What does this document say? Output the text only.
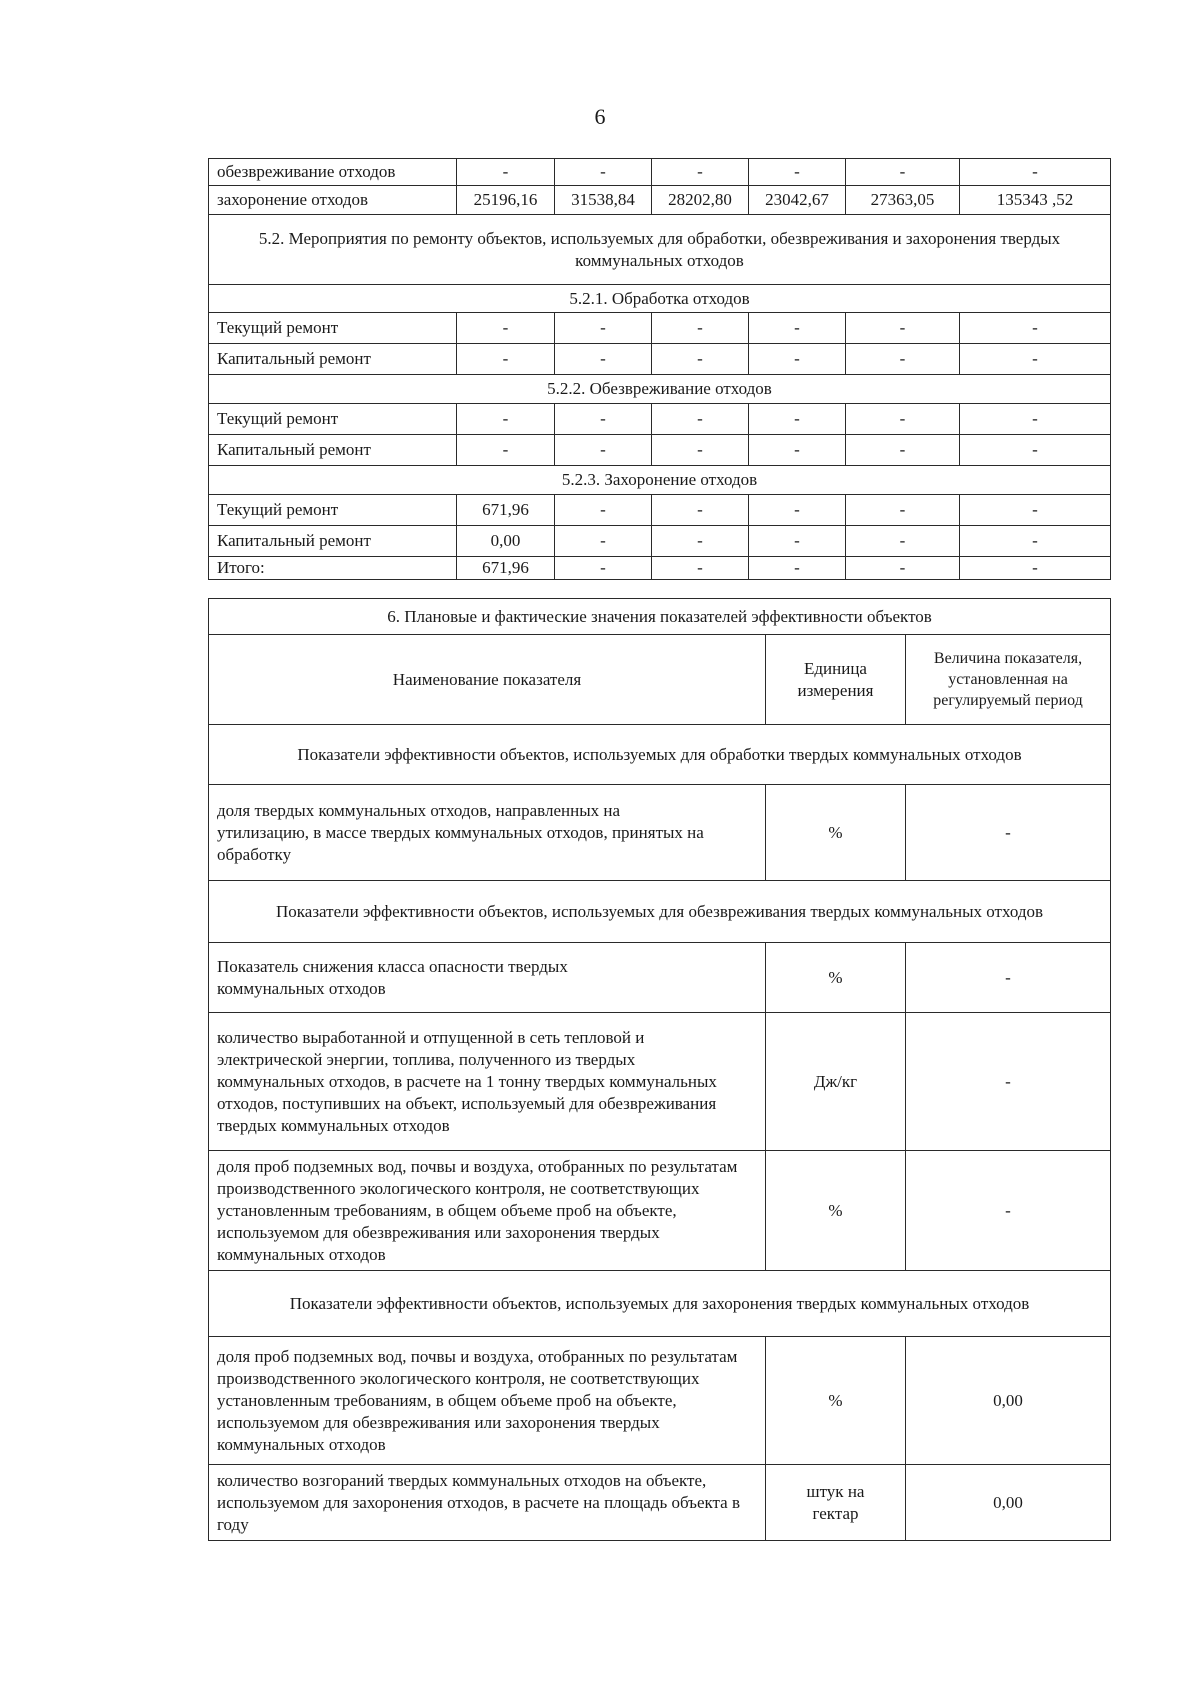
6
обезвреживание отходов	-	-	-	-	-	-
захоронение отходов	25196,16	31538,84	28202,80	23042,67	27363,05	135343 ,52
5.2. Мероприятия по ремонту объектов, используемых для обработки, обезвреживания и захоронения твердых коммунальных отходов						
5.2.1. Обработка отходов						
Текущий ремонт	-	-	-	-	-	-
Капитальный ремонт	-	-	-	-	-	-
5.2.2. Обезвреживание отходов						
Текущий ремонт	-	-	-	-	-	-
Капитальный ремонт	-	-	-	-	-	-
5.2.3. Захоронение отходов						
Текущий ремонт	671,96	-	-	-	-	-
Капитальный ремонт	0,00	-	-	-	-	-
Итого:	671,96	-	-	-	-	-
6. Плановые и фактические значения показателей эффективности объектов		
Наименование показателя	Единица измерения	Величина показателя, установленная на регулируемый период
Показатели эффективности объектов, используемых для обработки твердых коммунальных отходов		
доля твердых коммунальных отходов, направленных на утилизацию, в массе твердых коммунальных отходов, принятых на обработку	%	-
Показатели эффективности объектов, используемых для обезвреживания твердых коммунальных отходов		
Показатель снижения класса опасности твердых коммунальных отходов	%	-
количество выработанной и отпущенной в сеть тепловой и электрической энергии, топлива, полученного из твердых коммунальных отходов, в расчете на 1 тонну твердых коммунальных отходов, поступивших на объект, используемый для обезвреживания твердых коммунальных отходов	Дж/кг	-
доля проб подземных вод, почвы и воздуха, отобранных по результатам производственного экологического контроля, не соответствующих установленным требованиям, в общем объеме проб на объекте, используемом для обезвреживания или захоронения твердых коммунальных отходов	%	-
Показатели эффективности объектов, используемых для захоронения твердых коммунальных отходов		
доля проб подземных вод, почвы и воздуха, отобранных по результатам производственного экологического контроля, не соответствующих установленным требованиям, в общем объеме проб на объекте, используемом для обезвреживания или захоронения твердых коммунальных отходов	%	0,00
количество возгораний твердых коммунальных отходов на объекте, используемом для захоронения отходов, в расчете на площадь объекта в году	штук на гектар	0,00
